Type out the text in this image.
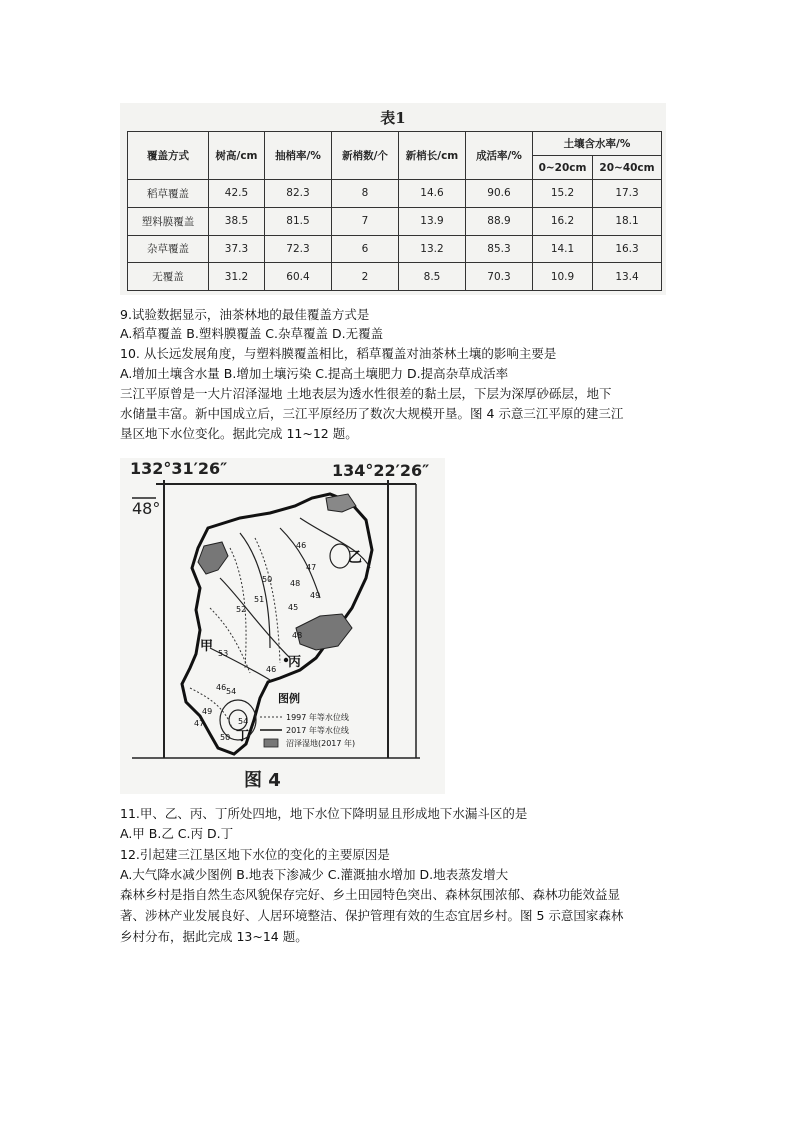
表1
覆盖方式	树高/cm	抽梢率/%	新梢数/个	新梢长/cm	成活率/%	土壤含水率/%	
						0~20cm	20~40cm
稻草覆盖	42.5	82.3	8	14.6	90.6	15.2	17.3
塑料膜覆盖	38.5	81.5	7	13.9	88.9	16.2	18.1
杂草覆盖	37.3	72.3	6	13.2	85.3	14.1	16.3
无覆盖	31.2	60.4	2	8.5	70.3	10.9	13.4
9.试验数据显示，油茶林地的最佳覆盖方式是
A.稻草覆盖 B.塑料膜覆盖 C.杂草覆盖 D.无覆盖
10. 从长远发展角度，与塑料膜覆盖相比，稻草覆盖对油茶林土壤的影响主要是
A.增加土壤含水量 B.增加土壤污染 C.提高土壤肥力 D.提高杂草成活率
三江平原曾是一大片沼泽湿地 土地表层为透水性很差的黏土层，下层为深厚砂砾层，地下
水储量丰富。新中国成立后，三江平原经历了数次大规模开垦。图 4 示意三江平原的建三江
垦区地下水位变化。据此完成 11~12 题。
132°31′26″	134°22′26″
48°
46
47
48
49
50
51
52
53
45
48
46
54
49
47
50
54
46
乙
甲
丙
丁
图例
1997 年等水位线
2017 年等水位线
沼泽湿地(2017 年)
图 4
11.甲、乙、丙、丁所处四地，地下水位下降明显且形成地下水漏斗区的是
A.甲 B.乙 C.丙 D.丁
12.引起建三江垦区地下水位的变化的主要原因是
A.大气降水减少图例 B.地表下渗减少 C.灌溉抽水增加 D.地表蒸发增大
森林乡村是指自然生态风貌保存完好、乡土田园特色突出、森林氛围浓郁、森林功能效益显
著、涉林产业发展良好、人居环境整洁、保护管理有效的生态宜居乡村。图 5 示意国家森林
乡村分布，据此完成 13~14 题。
